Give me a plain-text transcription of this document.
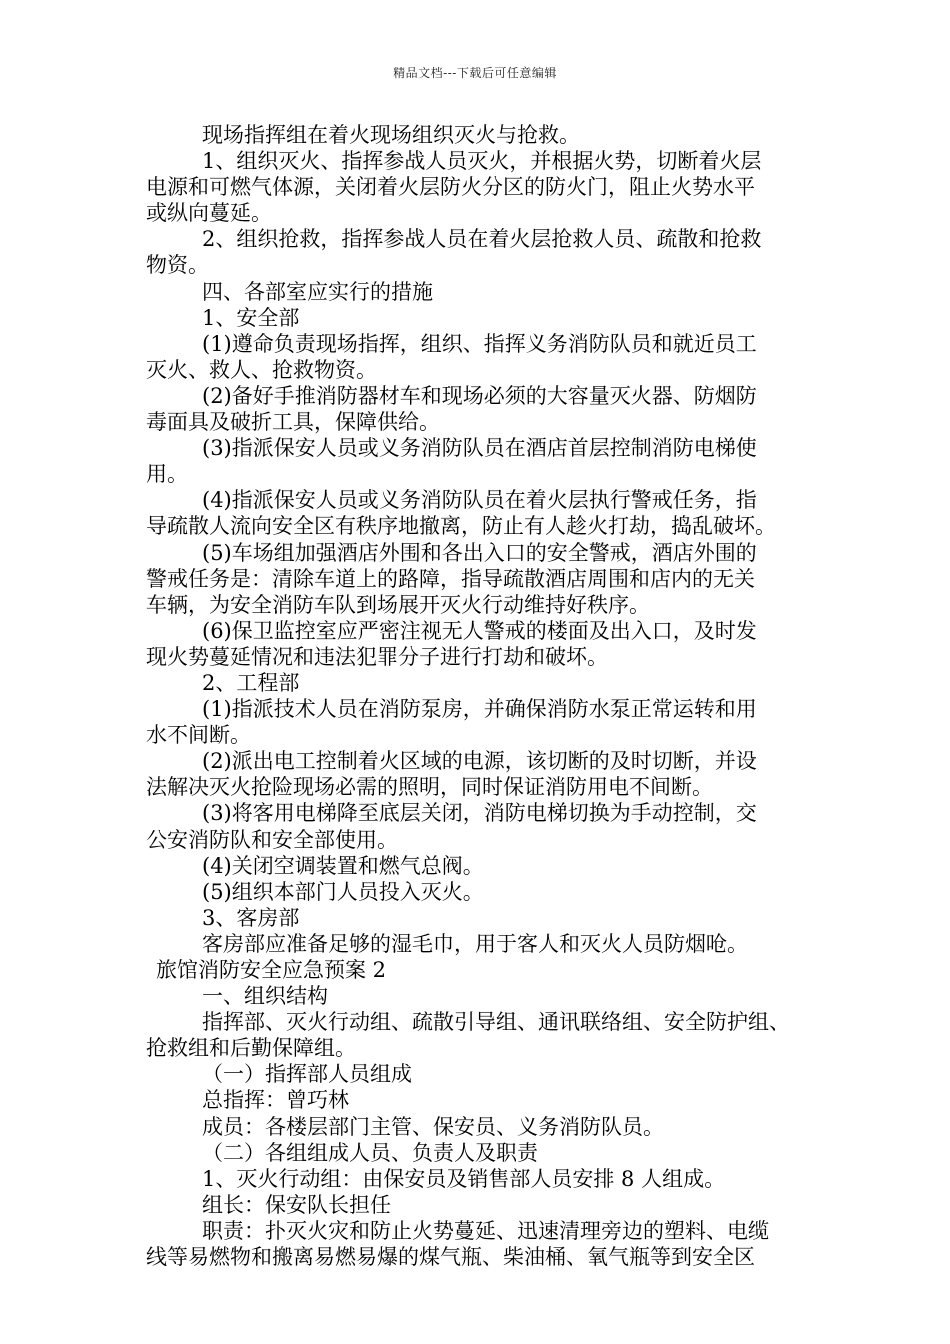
精品文档---下载后可任意编辑

现场指挥组在着火现场组织灭火与抢救。

1、组织灭火、指挥参战人员灭火，并根据火势，切断着火层

电源和可燃气体源，关闭着火层防火分区的防火门，阻止火势水平

或纵向蔓延。

2、组织抢救，指挥参战人员在着火层抢救人员、疏散和抢救

物资。

四、各部室应实行的措施

1、安全部

(1)遵命负责现场指挥，组织、指挥义务消防队员和就近员工

灭火、救人、抢救物资。

(2)备好手推消防器材车和现场必须的大容量灭火器、防烟防

毒面具及破折工具，保障供给。

(3)指派保安人员或义务消防队员在酒店首层控制消防电梯使

用。

(4)指派保安人员或义务消防队员在着火层执行警戒任务，指

导疏散人流向安全区有秩序地撤离，防止有人趁火打劫，捣乱破坏。

(5)车场组加强酒店外围和各出入口的安全警戒，酒店外围的

警戒任务是：清除车道上的路障，指导疏散酒店周围和店内的无关

车辆，为安全消防车队到场展开灭火行动维持好秩序。

(6)保卫监控室应严密注视无人警戒的楼面及出入口，及时发

现火势蔓延情况和违法犯罪分子进行打劫和破坏。

2、工程部

(1)指派技术人员在消防泵房，并确保消防水泵正常运转和用

水不间断。

(2)派出电工控制着火区域的电源，该切断的及时切断，并设

法解决灭火抢险现场必需的照明，同时保证消防用电不间断。

(3)将客用电梯降至底层关闭，消防电梯切换为手动控制，交

公安消防队和安全部使用。

(4)关闭空调装置和燃气总阀。

(5)组织本部门人员投入灭火。

3、客房部

客房部应准备足够的湿毛巾，用于客人和灭火人员防烟呛。

旅馆消防安全应急预案 2

一、组织结构

指挥部、灭火行动组、疏散引导组、通讯联络组、安全防护组、

抢救组和后勤保障组。

（一）指挥部人员组成

总指挥：曾巧林

成员：各楼层部门主管、保安员、义务消防队员。

（二）各组组成人员、负责人及职责

1、灭火行动组：由保安员及销售部人员安排 8 人组成。

组长：保安队长担任

职责：扑灭火灾和防止火势蔓延、迅速清理旁边的塑料、电缆

线等易燃物和搬离易燃易爆的煤气瓶、柴油桶、氧气瓶等到安全区
